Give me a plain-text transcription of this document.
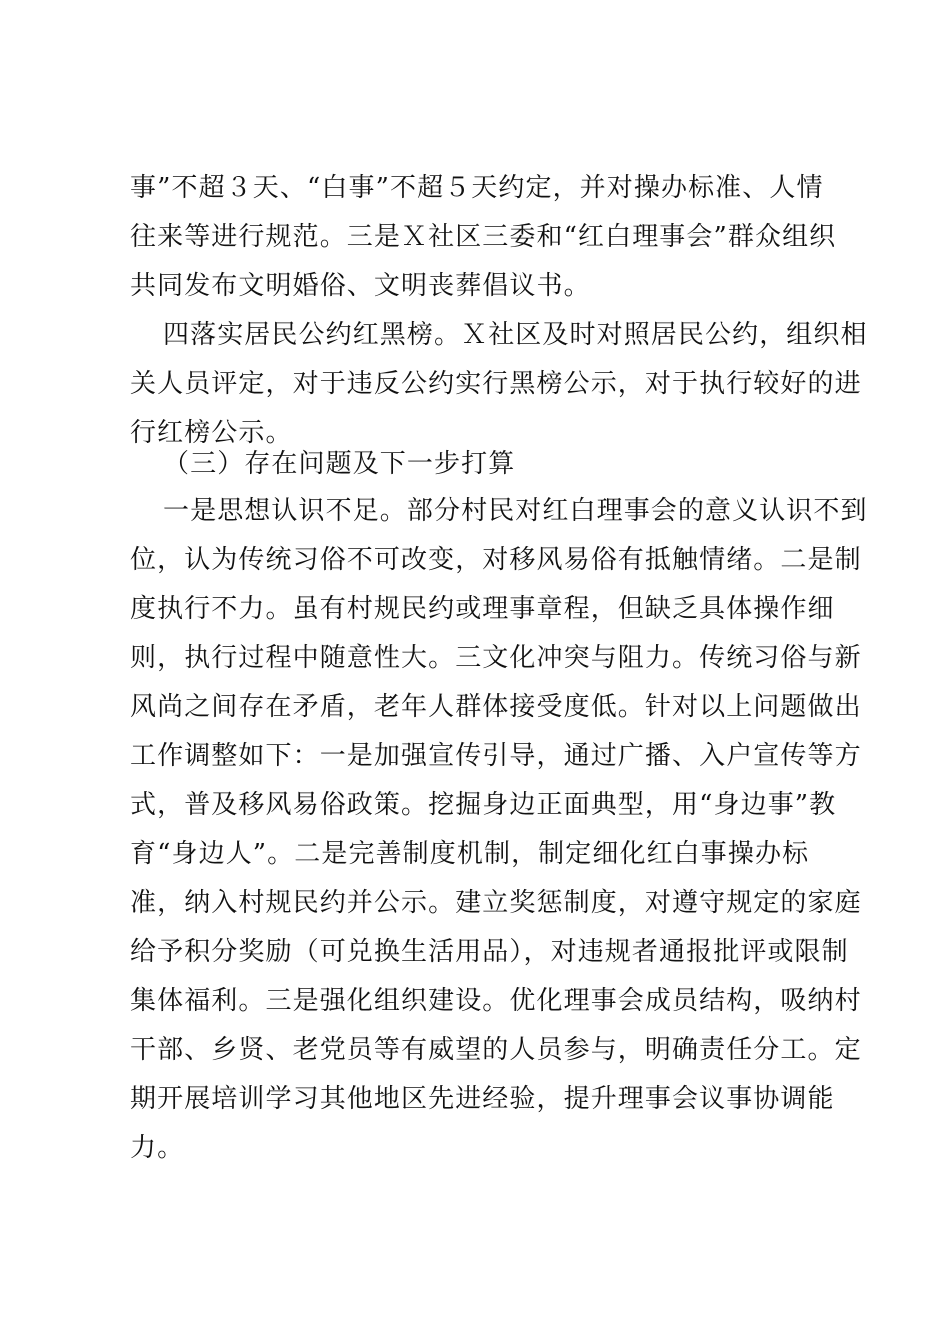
事”不超３天、“白事”不超５天约定，并对操办标准、人情
往来等进行规范。三是Ｘ社区三委和“红白理事会”群众组织
共同发布文明婚俗、文明丧葬倡议书。
四落实居民公约红黑榜。Ｘ社区及时对照居民公约，组织相
关人员评定，对于违反公约实行黑榜公示，对于执行较好的进
行红榜公示。
（三）存在问题及下一步打算
一是思想认识不足。部分村民对红白理事会的意义认识不到
位，认为传统习俗不可改变，对移风易俗有抵触情绪。二是制
度执行不力。虽有村规民约或理事章程，但缺乏具体操作细
则，执行过程中随意性大。三文化冲突与阻力。传统习俗与新
风尚之间存在矛盾，老年人群体接受度低。针对以上问题做出
工作调整如下：一是加强宣传引导，通过广播、入户宣传等方
式，普及移风易俗政策。挖掘身边正面典型，用“身边事”教
育“身边人”。二是完善制度机制，制定细化红白事操办标
准，纳入村规民约并公示。建立奖惩制度，对遵守规定的家庭
给予积分奖励（可兑换生活用品），对违规者通报批评或限制
集体福利。三是强化组织建设。优化理事会成员结构，吸纳村
干部、乡贤、老党员等有威望的人员参与，明确责任分工。定
期开展培训学习其他地区先进经验，提升理事会议事协调能
力。
